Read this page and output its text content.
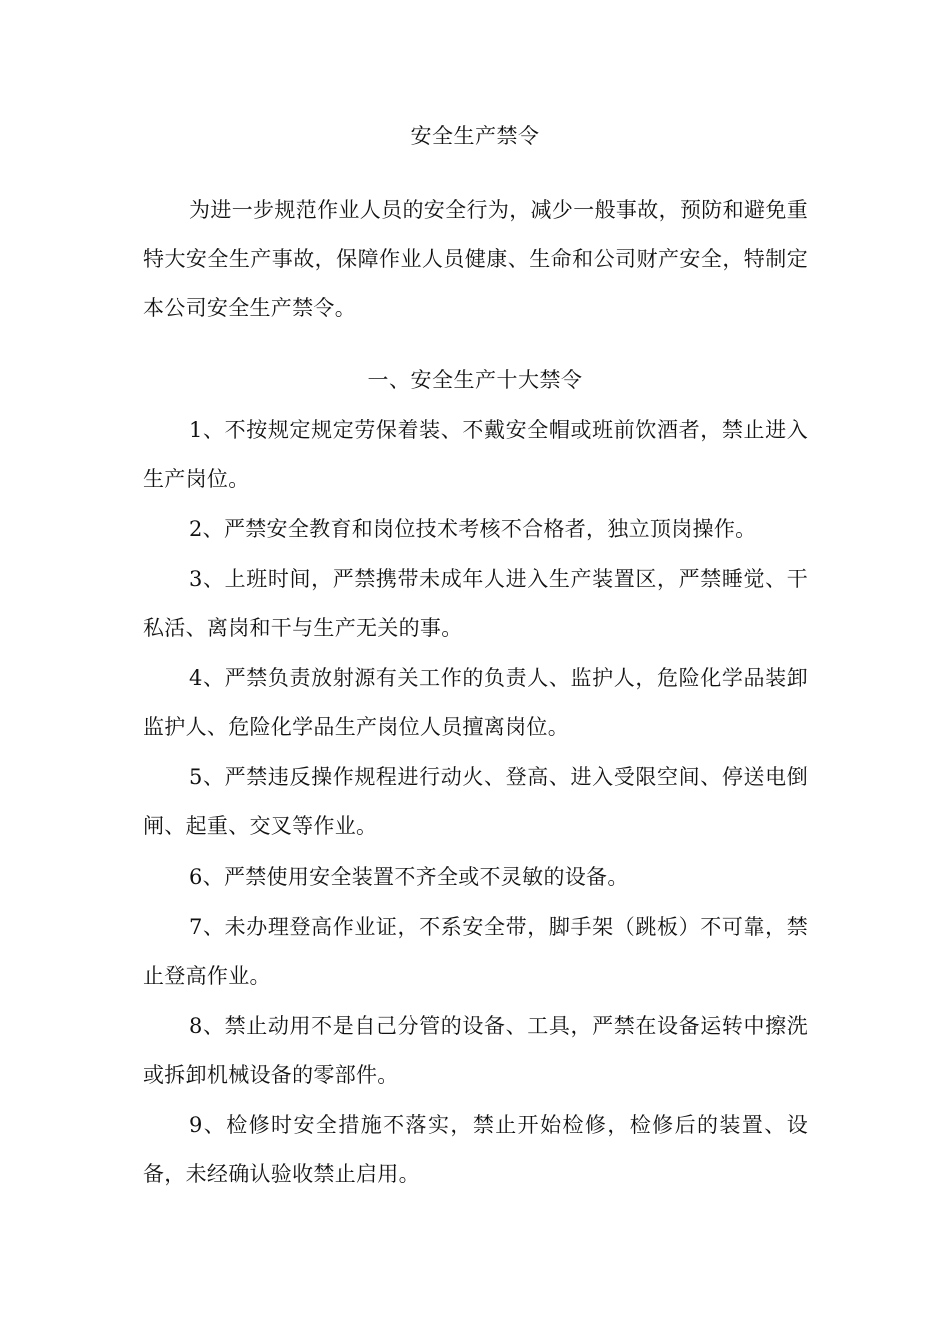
安全生产禁令

为进一步规范作业人员的安全行为，减少一般事故，预防和避免重特大安全生产事故，保障作业人员健康、生命和公司财产安全，特制定本公司安全生产禁令。

一、安全生产十大禁令

1、不按规定规定劳保着装、不戴安全帽或班前饮酒者，禁止进入生产岗位。

2、严禁安全教育和岗位技术考核不合格者，独立顶岗操作。

3、上班时间，严禁携带未成年人进入生产装置区，严禁睡觉、干私活、离岗和干与生产无关的事。

4、严禁负责放射源有关工作的负责人、监护人，危险化学品装卸监护人、危险化学品生产岗位人员擅离岗位。

5、严禁违反操作规程进行动火、登高、进入受限空间、停送电倒闸、起重、交叉等作业。

6、严禁使用安全装置不齐全或不灵敏的设备。

7、未办理登高作业证，不系安全带，脚手架（跳板）不可靠，禁止登高作业。

8、禁止动用不是自己分管的设备、工具，严禁在设备运转中擦洗或拆卸机械设备的零部件。

9、检修时安全措施不落实，禁止开始检修，检修后的装置、设备，未经确认验收禁止启用。
